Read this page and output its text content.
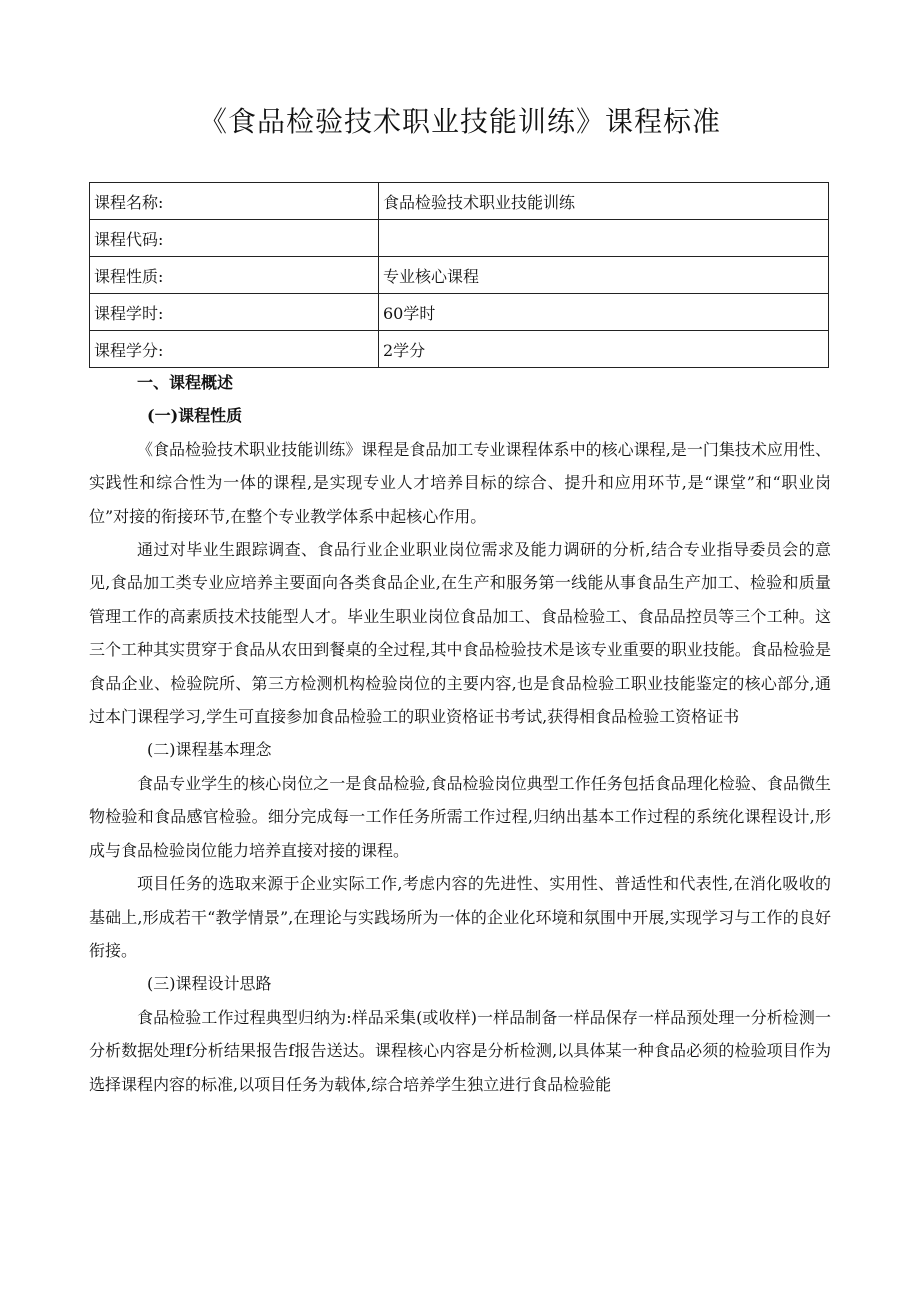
《食品检验技术职业技能训练》课程标准
课程名称:	食品检验技术职业技能训练
课程代码:	
课程性质:	专业核心课程
课程学时:	60学时
课程学分:	2学分

一、课程概述

(一)课程性质

《食品检验技术职业技能训练》课程是食品加工专业课程体系中的核心课程,是一门集技术应用性、实践性和综合性为一体的课程,是实现专业人才培养目标的综合、提升和应用环节,是“课堂”和“职业岗位”对接的衔接环节,在整个专业教学体系中起核心作用。

通过对毕业生跟踪调查、食品行业企业职业岗位需求及能力调研的分析,结合专业指导委员会的意见,食品加工类专业应培养主要面向各类食品企业,在生产和服务第一线能从事食品生产加工、检验和质量管理工作的高素质技术技能型人才。毕业生职业岗位食品加工、食品检验工、食品品控员等三个工种。这三个工种其实贯穿于食品从农田到餐桌的全过程,其中食品检验技术是该专业重要的职业技能。食品检验是食品企业、检验院所、第三方检测机构检验岗位的主要内容,也是食品检验工职业技能鉴定的核心部分,通过本门课程学习,学生可直接参加食品检验工的职业资格证书考试,获得相食品检验工资格证书

(二)课程基本理念

食品专业学生的核心岗位之一是食品检验,食品检验岗位典型工作任务包括食品理化检验、食品微生物检验和食品感官检验。细分完成每一工作任务所需工作过程,归纳出基本工作过程的系统化课程设计,形成与食品检验岗位能力培养直接对接的课程。

项目任务的选取来源于企业实际工作,考虑内容的先进性、实用性、普适性和代表性,在消化吸收的基础上,形成若干“教学情景”,在理论与实践场所为一体的企业化环境和氛围中开展,实现学习与工作的良好衔接。

(三)课程设计思路

食品检验工作过程典型归纳为:样品采集(或收样)一样品制备一样品保存一样品预处理一分析检测一分析数据处理f分析结果报告f报告送达。课程核心内容是分析检测,以具体某一种食品必须的检验项目作为选择课程内容的标准,以项目任务为载体,综合培养学生独立进行食品检验能
